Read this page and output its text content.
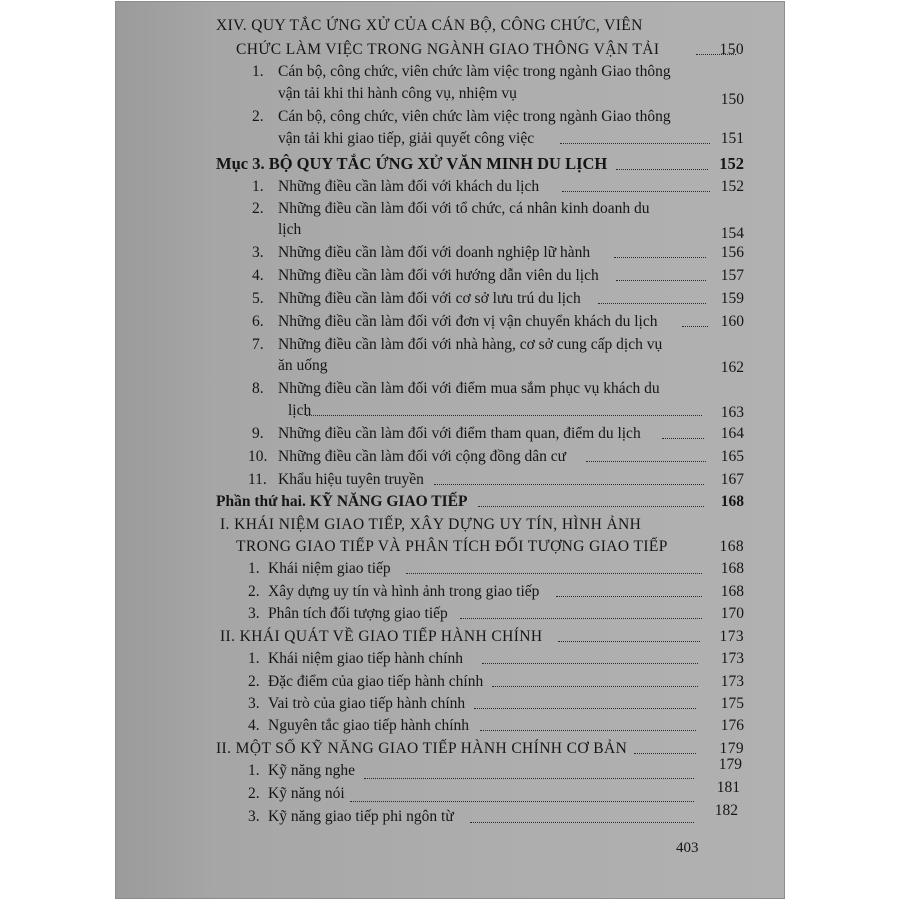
XIV. QUY TẮC ỨNG XỬ CỦA CÁN BỘ, CÔNG CHỨC, VIÊN
CHỨC LÀM VIỆC TRONG NGÀNH GIAO THÔNG VẬN TẢI	150
1. Cán bộ, công chức, viên chức làm việc trong ngành Giao thông
vận tải khi thi hành công vụ, nhiệm vụ	150
2. Cán bộ, công chức, viên chức làm việc trong ngành Giao thông
vận tải khi giao tiếp, giải quyết công việc	151
Mục 3. BỘ QUY TẮC ỨNG XỬ VĂN MINH DU LỊCH	152
1. Những điều cần làm đối với khách du lịch	152
2. Những điều cần làm đối với tổ chức, cá nhân kinh doanh du
lịch	154
3. Những điều cần làm đối với doanh nghiệp lữ hành	156
4. Những điều cần làm đối với hướng dẫn viên du lịch	157
5. Những điều cần làm đối với cơ sở lưu trú du lịch	159
6. Những điều cần làm đối với đơn vị vận chuyển khách du lịch	160
7. Những điều cần làm đối với nhà hàng, cơ sở cung cấp dịch vụ
ăn uống	162
8. Những điều cần làm đối với điểm mua sắm phục vụ khách du
lịch	163
9. Những điều cần làm đối với điểm tham quan, điểm du lịch	164
10. Những điều cần làm đối với cộng đồng dân cư	165
11. Khẩu hiệu tuyên truyền	167
Phần thứ hai. KỸ NĂNG GIAO TIẾP	168
I. KHÁI NIỆM GIAO TIẾP, XÂY DỰNG UY TÍN, HÌNH ẢNH
TRONG GIAO TIẾP VÀ PHÂN TÍCH ĐỐI TƯỢNG GIAO TIẾP	168
1. Khái niệm giao tiếp	168
2. Xây dựng uy tín và hình ảnh trong giao tiếp	168
3. Phân tích đối tượng giao tiếp	170
II. KHÁI QUÁT VỀ GIAO TIẾP HÀNH CHÍNH	173
1. Khái niệm giao tiếp hành chính	173
2. Đặc điểm của giao tiếp hành chính	173
3. Vai trò của giao tiếp hành chính	175
4. Nguyên tắc giao tiếp hành chính	176
II. MỘT SỐ KỸ NĂNG GIAO TIẾP HÀNH CHÍNH CƠ BẢN	179
1. Kỹ năng nghe	179
2. Kỹ năng nói	181
3. Kỹ năng giao tiếp phi ngôn từ	182
403
